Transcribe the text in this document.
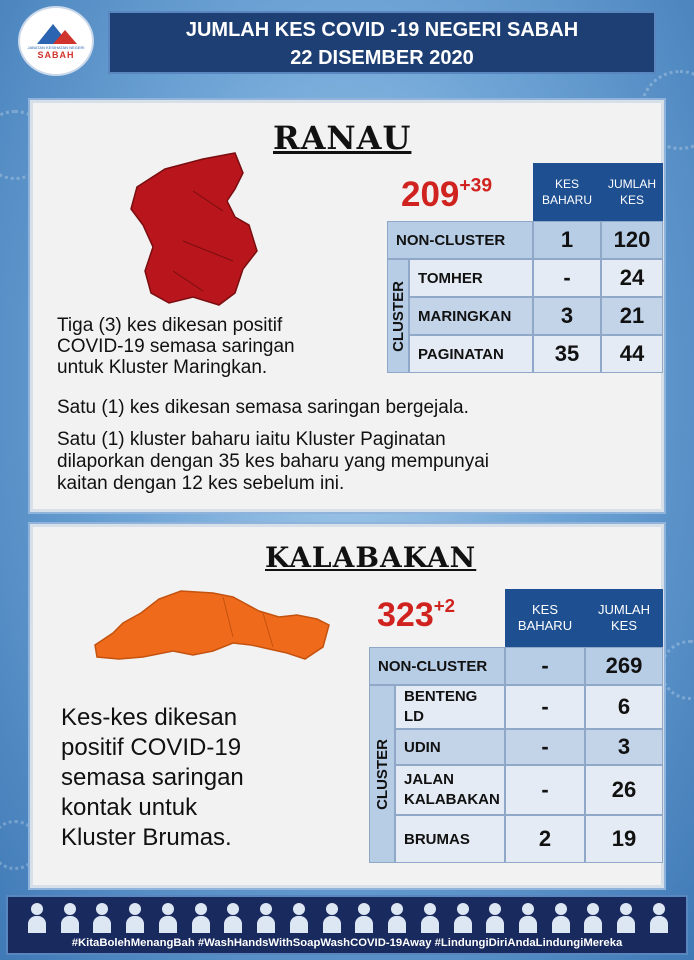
JABATAN KESIHATAN NEGERI
SABAH
JUMLAH KES COVID -19 NEGERI SABAH
22 DISEMBER 2020
RANAU
$209^{+39}$	KES
BAHARU
JUMLAH
KES
NON-CLUSTER	1	120
CLUSTER
TOMHER	-	24
MARINGKAN	3	21
PAGINATAN	35	44
Tiga (3) kes dikesan positif
COVID-19 semasa saringan
untuk Kluster Maringkan.
Satu (1) kes dikesan semasa saringan bergejala.
Satu (1) kluster baharu iaitu Kluster Paginatan
dilaporkan dengan 35 kes baharu yang mempunyai
kaitan dengan 12 kes sebelum ini.
KALABAKAN
$323^{+2}$	KES
BAHARU
JUMLAH
KES
NON-CLUSTER	-	269
CLUSTER
BENTENG
LD	-	6
UDIN	-	3
JALAN
KALABAKAN	-	26
BRUMAS	2	19
Kes-kes dikesan
positif COVID-19
semasa saringan
kontak untuk
Kluster Brumas.
#KitaBolehMenangBah #WashHandsWithSoapWashCOVID-19Away #LindungiDiriAndaLindungiMereka
